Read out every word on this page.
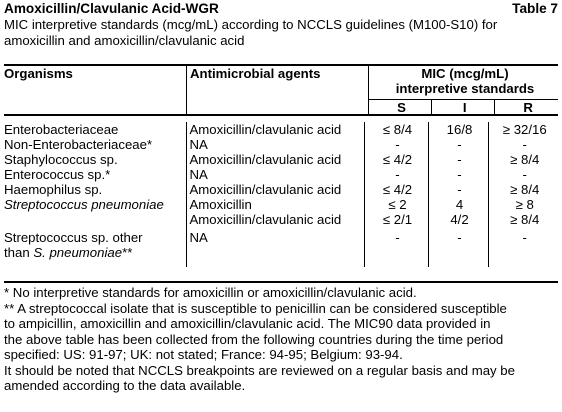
Amoxicillin/Clavulanic Acid-WGR	Table 7
MIC interpretive standards (mcg/mL) according to NCCLS guidelines (M100-S10) for
amoxicillin and amoxicillin/clavulanic acid
Organisms	Antimicrobial agents	MIC (mcg/mL)
interpretive standards		

		S	I	R
Enterobacteriaceae	Amoxicillin/clavulanic acid	≤ 8/4	16/8	≥ 32/16
Non-Enterobacteriaceae*	NA	-	-	-
Staphylococcus sp.	Amoxicillin/clavulanic acid	≤ 4/2	-	≥ 8/4
Enterococcus sp.*	NA	-	-	-
Haemophilus sp.	Amoxicillin/clavulanic acid	≤ 4/2	-	≥ 8/4
Streptococcus pneumoniae	Amoxicillin	≤ 2	4	≥ 8
	Amoxicillin/clavulanic acid	≤ 2/1	4/2	≥ 8/4

Streptococcus sp. other
than S. pneumoniae**	NA	-	-	-
* No interpretive standards for amoxicillin or amoxicillin/clavulanic acid.
** A streptococcal isolate that is susceptible to penicillin can be considered susceptible
to ampicillin, amoxicillin and amoxicillin/clavulanic acid. The MIC90 data provided in
the above table has been collected from the following countries during the time period
specified: US: 91-97; UK: not stated; France: 94-95; Belgium: 93-94.
It should be noted that NCCLS breakpoints are reviewed on a regular basis and may be
amended according to the data available.
